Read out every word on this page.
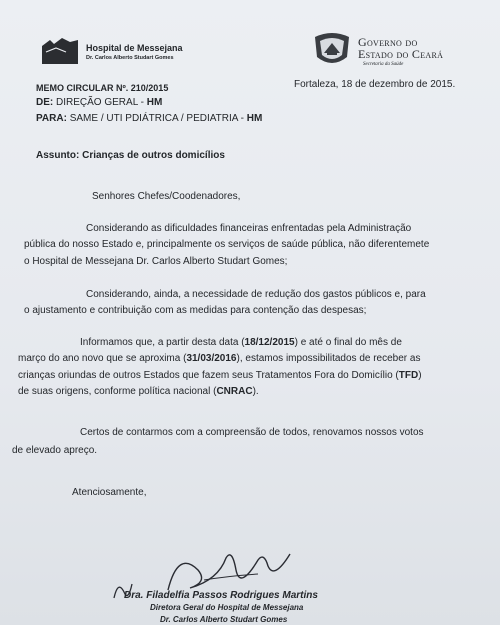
Hospital de Messejana
Dr. Carlos Alberto Studart Gomes
Governo do
Estado do Ceará
Secretaria da Saúde
MEMO CIRCULAR Nº. 210/2015	Fortaleza, 18 de dezembro de 2015.
DE: DIREÇÃO GERAL - HM
PARA: SAME / UTI PDIÁTRICA / PEDIATRIA - HM
Assunto: Crianças de outros domicílios
Senhores Chefes/Coodenadores,
Considerando as dificuldades financeiras enfrentadas pela Administração
pública do nosso Estado e, principalmente os serviços de saúde pública, não diferentemete
o Hospital de Messejana Dr. Carlos Alberto Studart Gomes;
Considerando, ainda, a necessidade de redução dos gastos públicos e, para
o ajustamento e contribuição com as medidas para contenção das despesas;
Informamos que, a partir desta data (18/12/2015) e até o final do mês de
março do ano novo que se aproxima (31/03/2016), estamos impossibilitados de receber as
crianças oriundas de outros Estados que fazem seus Tratamentos Fora do Domicílio (TFD)
de suas origens, conforme política nacional (CNRAC).
Certos de contarmos com a compreensão de todos, renovamos nossos votos
de elevado apreço.
Atenciosamente,
Dra. Filadelfia Passos Rodrigues Martins
Diretora Geral do Hospital de Messejana
Dr. Carlos Alberto Studart Gomes
